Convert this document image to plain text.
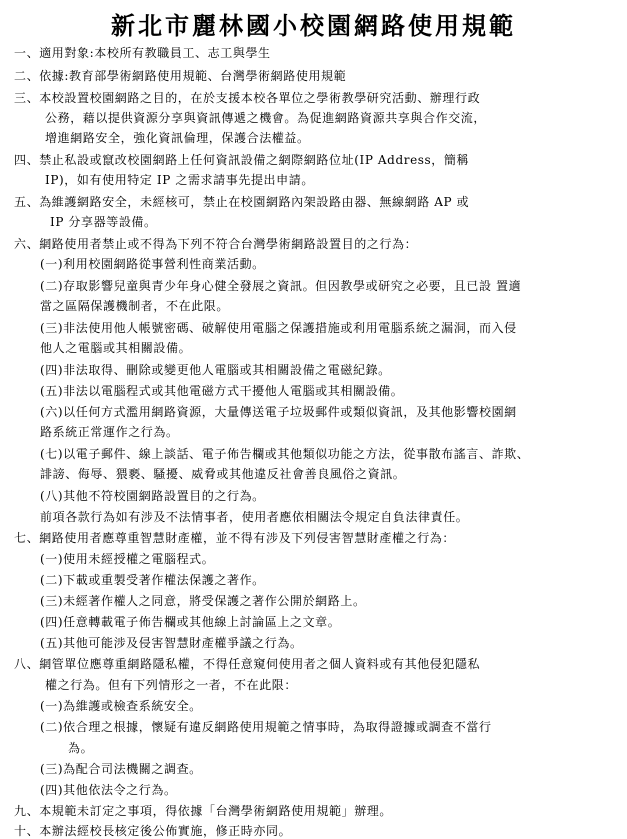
新北市麗林國小校園網路使用規範
一、適用對象:本校所有教職員工、志工與學生
二、依據:教育部學術網路使用規範、台灣學術網路使用規範
三、本校設置校園網路之目的，在於支援本校各單位之學術教學研究活動、辦理行政
公務，藉以提供資源分享與資訊傳遞之機會。為促進網路資源共享與合作交流，
增進網路安全，強化資訊倫理，保護合法權益。
四、禁止私設或竄改校園網路上任何資訊設備之網際網路位址(IP Address，簡稱
IP)，如有使用特定 IP 之需求請事先提出申請。
五、為維護網路安全，未經核可，禁止在校園網路內架設路由器、無線網路 AP 或
IP 分享器等設備。
六、網路使用者禁止或不得為下列不符合台灣學術網路設置目的之行為：
(一)利用校園網路從事營利性商業活動。
(二)存取影響兒童與青少年身心健全發展之資訊。但因教學或研究之必要，且已設 置適
當之區隔保護機制者，不在此限。
(三)非法使用他人帳號密碼、破解使用電腦之保護措施或利用電腦系統之漏洞，而入侵
他人之電腦或其相關設備。
(四)非法取得、刪除或變更他人電腦或其相關設備之電磁紀錄。
(五)非法以電腦程式或其他電磁方式干擾他人電腦或其相關設備。
(六)以任何方式濫用網路資源，大量傳送電子垃圾郵件或類似資訊，及其他影響校園網
路系統正常運作之行為。
(七)以電子郵件、線上談話、電子佈告欄或其他類似功能之方法，從事散布謠言、詐欺、
誹謗、侮辱、猥褻、騷擾、威脅或其他違反社會善良風俗之資訊。
(八)其他不符校園網路設置目的之行為。
前項各款行為如有涉及不法情事者，使用者應依相關法令規定自負法律責任。
七、網路使用者應尊重智慧財產權，並不得有涉及下列侵害智慧財產權之行為：
(一)使用未經授權之電腦程式。
(二)下載或重製受著作權法保護之著作。
(三)未經著作權人之同意，將受保護之著作公開於網路上。
(四)任意轉載電子佈告欄或其他線上討論區上之文章。
(五)其他可能涉及侵害智慧財產權爭議之行為。
八、網管單位應尊重網路隱私權，不得任意窺伺使用者之個人資料或有其他侵犯隱私
權之行為。但有下列情形之一者，不在此限：
(一)為維護或檢查系統安全。
(二)依合理之根據，懷疑有違反網路使用規範之情事時，為取得證據或調查不當行
為。
(三)為配合司法機關之調查。
(四)其他依法令之行為。
九、本規範未訂定之事項，得依據「台灣學術網路使用規範」辦理。
十、本辦法經校長核定後公佈實施，修正時亦同。
